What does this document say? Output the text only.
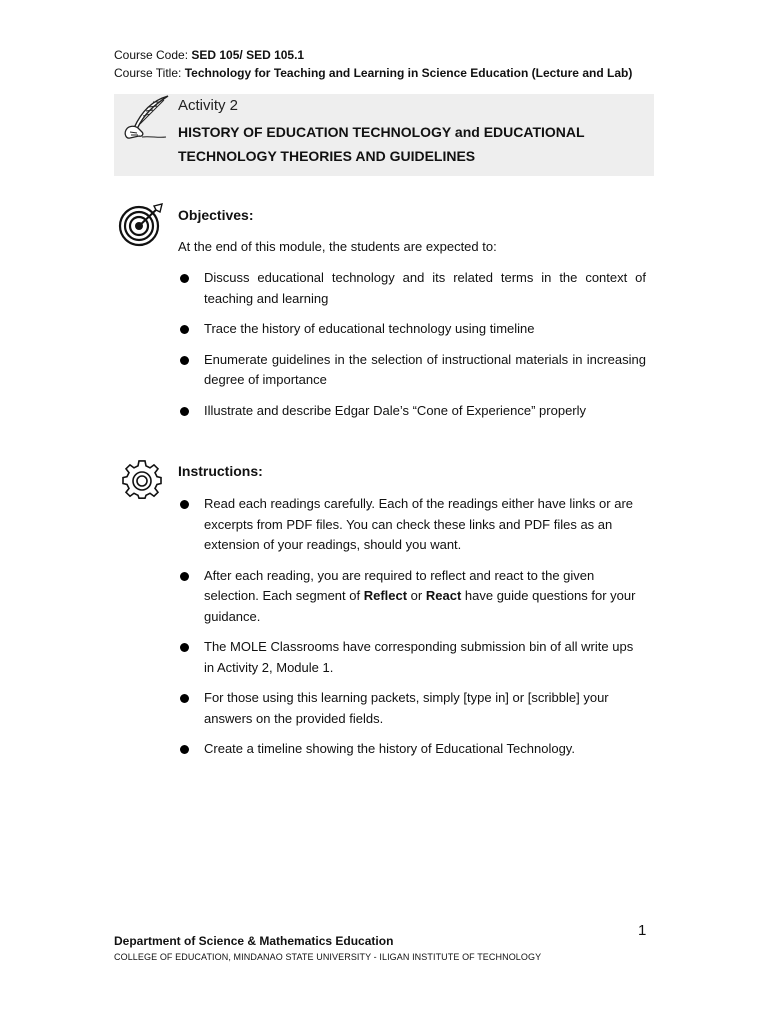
Course Code: SED 105/ SED 105.1
Course Title: Technology for Teaching and Learning in Science Education (Lecture and Lab)
Activity 2
HISTORY OF EDUCATION TECHNOLOGY and EDUCATIONAL TECHNOLOGY THEORIES AND GUIDELINES
Objectives:
At the end of this module, the students are expected to:
Discuss educational technology and its related terms in the context of teaching and learning
Trace the history of educational technology using timeline
Enumerate guidelines in the selection of instructional materials in increasing degree of importance
Illustrate and describe Edgar Dale’s “Cone of Experience” properly
Instructions:
Read each readings carefully. Each of the readings either have links or are excerpts from PDF files. You can check these links and PDF files as an extension of your readings, should you want.
After each reading, you are required to reflect and react to the given selection. Each segment of Reflect or React have guide questions for your guidance.
The MOLE Classrooms have corresponding submission bin of all write ups in Activity 2, Module 1.
For those using this learning packets, simply [type in] or [scribble] your answers on the provided fields.
Create a timeline showing the history of Educational Technology.
1
Department of Science & Mathematics Education
COLLEGE OF EDUCATION, MINDANAO STATE UNIVERSITY - ILIGAN INSTITUTE OF TECHNOLOGY
